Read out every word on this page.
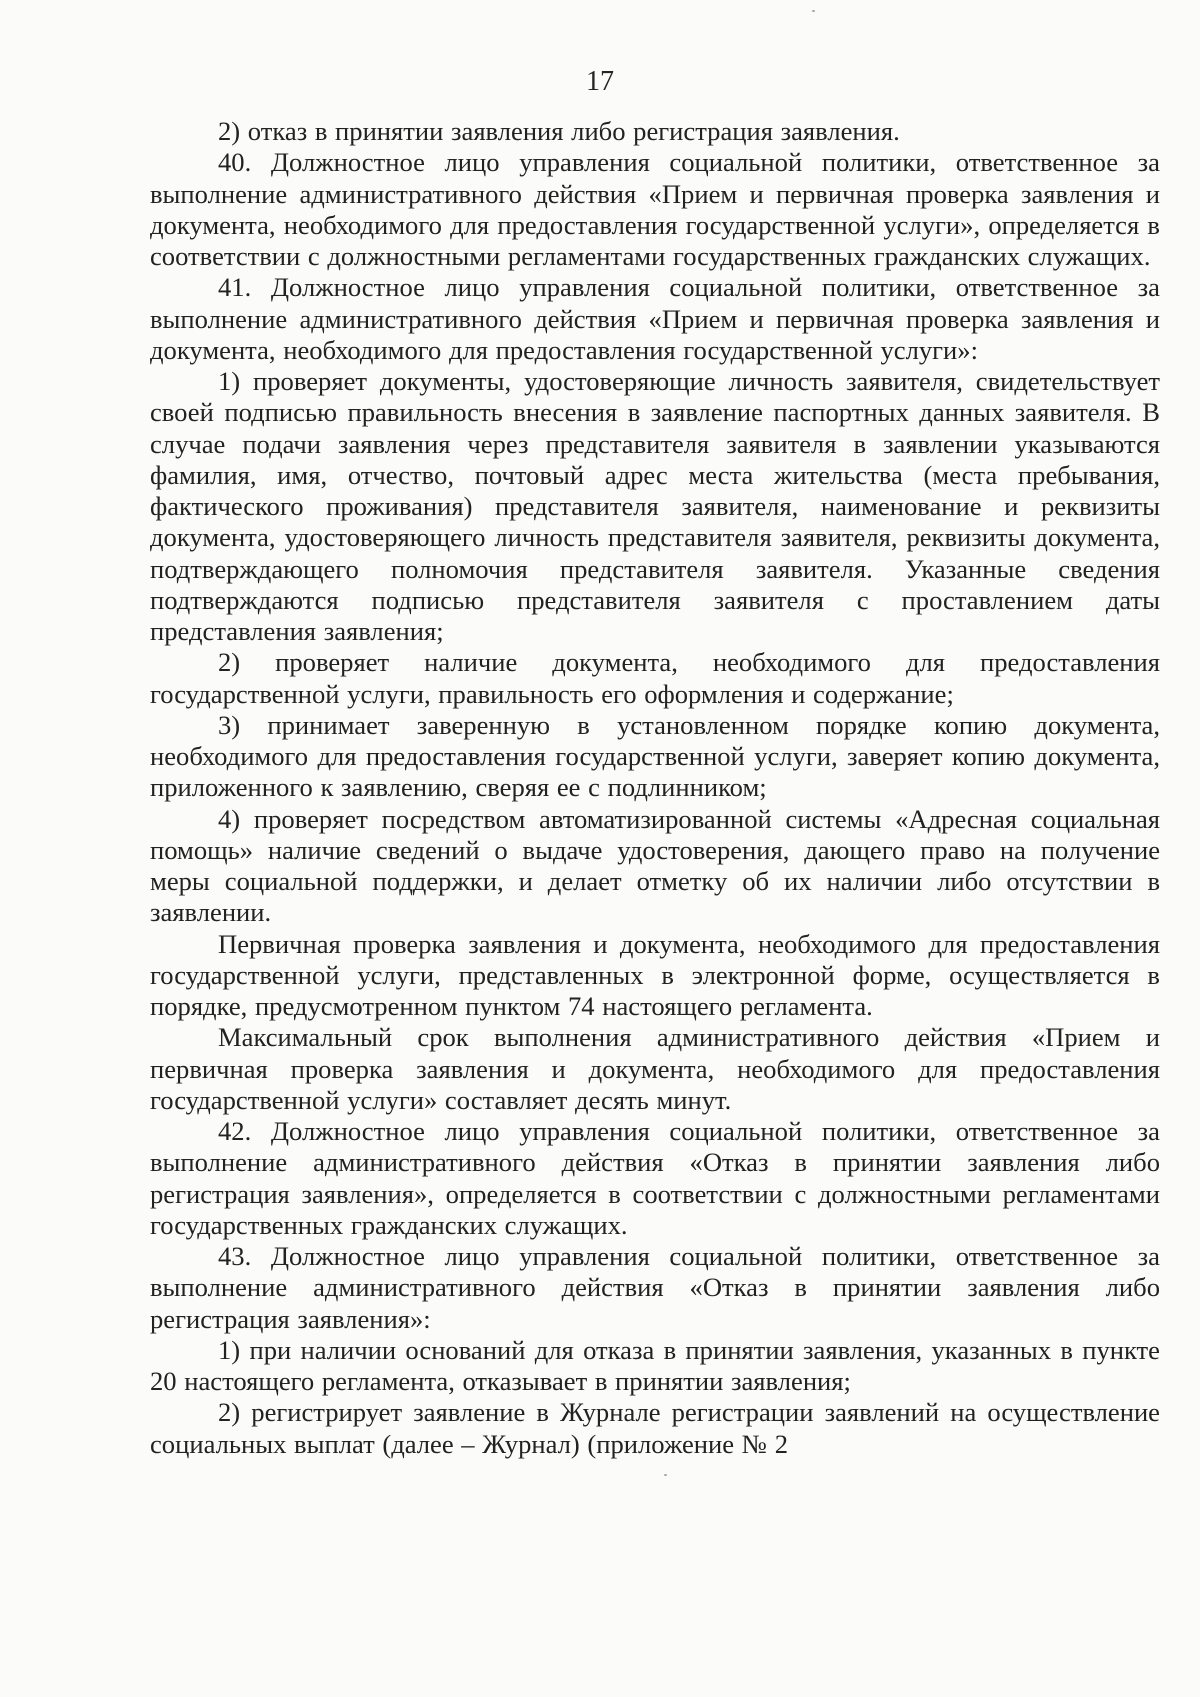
17

2) отказ в принятии заявления либо регистрация заявления.

40. Должностное лицо управления социальной политики, ответственное за выполнение административного действия «Прием и первичная проверка заявления и документа, необходимого для предоставления государственной услуги», определяется в соответствии с должностными регламентами государственных гражданских служащих.

41. Должностное лицо управления социальной политики, ответственное за выполнение административного действия «Прием и первичная проверка заявления и документа, необходимого для предоставления государственной услуги»:

1) проверяет документы, удостоверяющие личность заявителя, свидетельствует своей подписью правильность внесения в заявление паспортных данных заявителя. В случае подачи заявления через представителя заявителя в заявлении указываются фамилия, имя, отчество, почтовый адрес места жительства (места пребывания, фактического проживания) представителя заявителя, наименование и реквизиты документа, удостоверяющего личность представителя заявителя, реквизиты документа, подтверждающего полномочия представителя заявителя. Указанные сведения подтверждаются подписью представителя заявителя с проставлением даты представления заявления;

2) проверяет наличие документа, необходимого для предоставления государственной услуги, правильность его оформления и содержание;

3) принимает заверенную в установленном порядке копию документа, необходимого для предоставления государственной услуги, заверяет копию документа, приложенного к заявлению, сверяя ее с подлинником;

4) проверяет посредством автоматизированной системы «Адресная социальная помощь» наличие сведений о выдаче удостоверения, дающего право на получение меры социальной поддержки, и делает отметку об их наличии либо отсутствии в заявлении.

Первичная проверка заявления и документа, необходимого для предоставления государственной услуги, представленных в электронной форме, осуществляется в порядке, предусмотренном пунктом 74 настоящего регламента.

Максимальный срок выполнения административного действия «Прием и первичная проверка заявления и документа, необходимого для предоставления государственной услуги» составляет десять минут.

42. Должностное лицо управления социальной политики, ответственное за выполнение административного действия «Отказ в принятии заявления либо регистрация заявления», определяется в соответствии с должностными регламентами государственных гражданских служащих.

43. Должностное лицо управления социальной политики, ответственное за выполнение административного действия «Отказ в принятии заявления либо регистрация заявления»:

1) при наличии оснований для отказа в принятии заявления, указанных в пункте 20 настоящего регламента, отказывает в принятии заявления;

2) регистрирует заявление в Журнале регистрации заявлений на осуществление социальных выплат (далее – Журнал) (приложение № 2
